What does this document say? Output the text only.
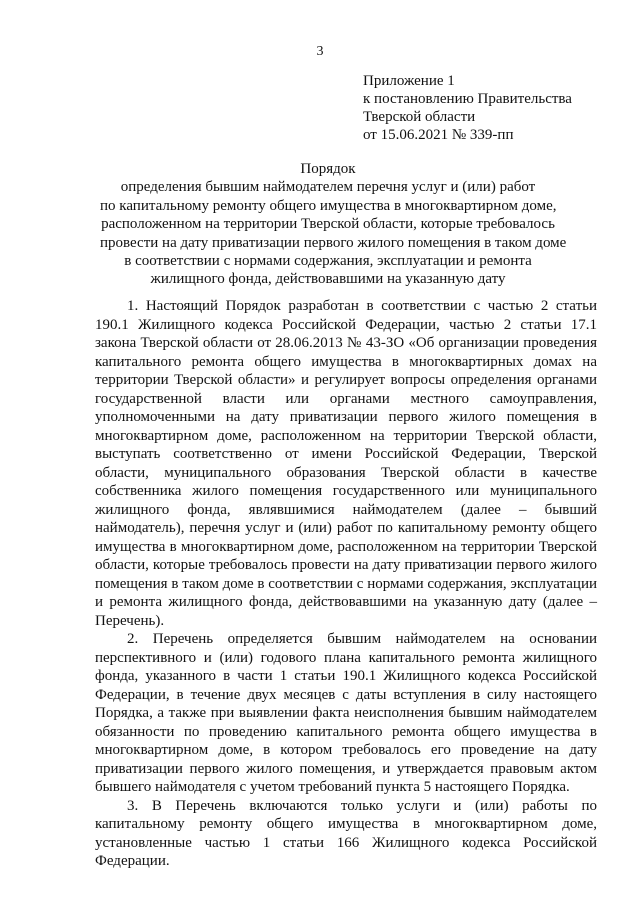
3
Приложение 1
к постановлению Правительства
Тверской области
от 15.06.2021 № 339-пп
Порядок
определения бывшим наймодателем перечня услуг и (или) работ
по капитальному ремонту общего имущества в многоквартирном доме,
расположенном на территории Тверской области, которые требовалось
провести на дату приватизации первого жилого помещения в таком доме
в соответствии с нормами содержания, эксплуатации и ремонта
жилищного фонда, действовавшими на указанную дату

1. Настоящий Порядок разработан в соответствии с частью 2 статьи 190.1 Жилищного кодекса Российской Федерации, частью 2 статьи 17.1 закона Тверской области от 28.06.2013 № 43-ЗО «Об организации проведения капитального ремонта общего имущества в многоквартирных домах на территории Тверской области» и регулирует вопросы определения органами государственной власти или органами местного самоуправления, уполномоченными на дату приватизации первого жилого помещения в многоквартирном доме, расположенном на территории Тверской области, выступать соответственно от имени Российской Федерации, Тверской области, муниципального образования Тверской области в качестве собственника жилого помещения государственного или муниципального жилищного фонда, являвшимися наймодателем (далее – бывший наймодатель), перечня услуг и (или) работ по капитальному ремонту общего имущества в многоквартирном доме, расположенном на территории Тверской области, которые требовалось провести на дату приватизации первого жилого помещения в таком доме в соответствии с нормами содержания, эксплуатации и ремонта жилищного фонда, действовавшими на указанную дату (далее – Перечень).

2. Перечень определяется бывшим наймодателем на основании перспективного и (или) годового плана капитального ремонта жилищного фонда, указанного в части 1 статьи 190.1 Жилищного кодекса Российской Федерации, в течение двух месяцев с даты вступления в силу настоящего Порядка, а также при выявлении факта неисполнения бывшим наймодателем обязанности по проведению капитального ремонта общего имущества в многоквартирном доме, в котором требовалось его проведение на дату приватизации первого жилого помещения, и утверждается правовым актом бывшего наймодателя с учетом требований пункта 5 настоящего Порядка.

3. В Перечень включаются только услуги и (или) работы по капитальному ремонту общего имущества в многоквартирном доме, установленные частью 1 статьи 166 Жилищного кодекса Российской Федерации.
